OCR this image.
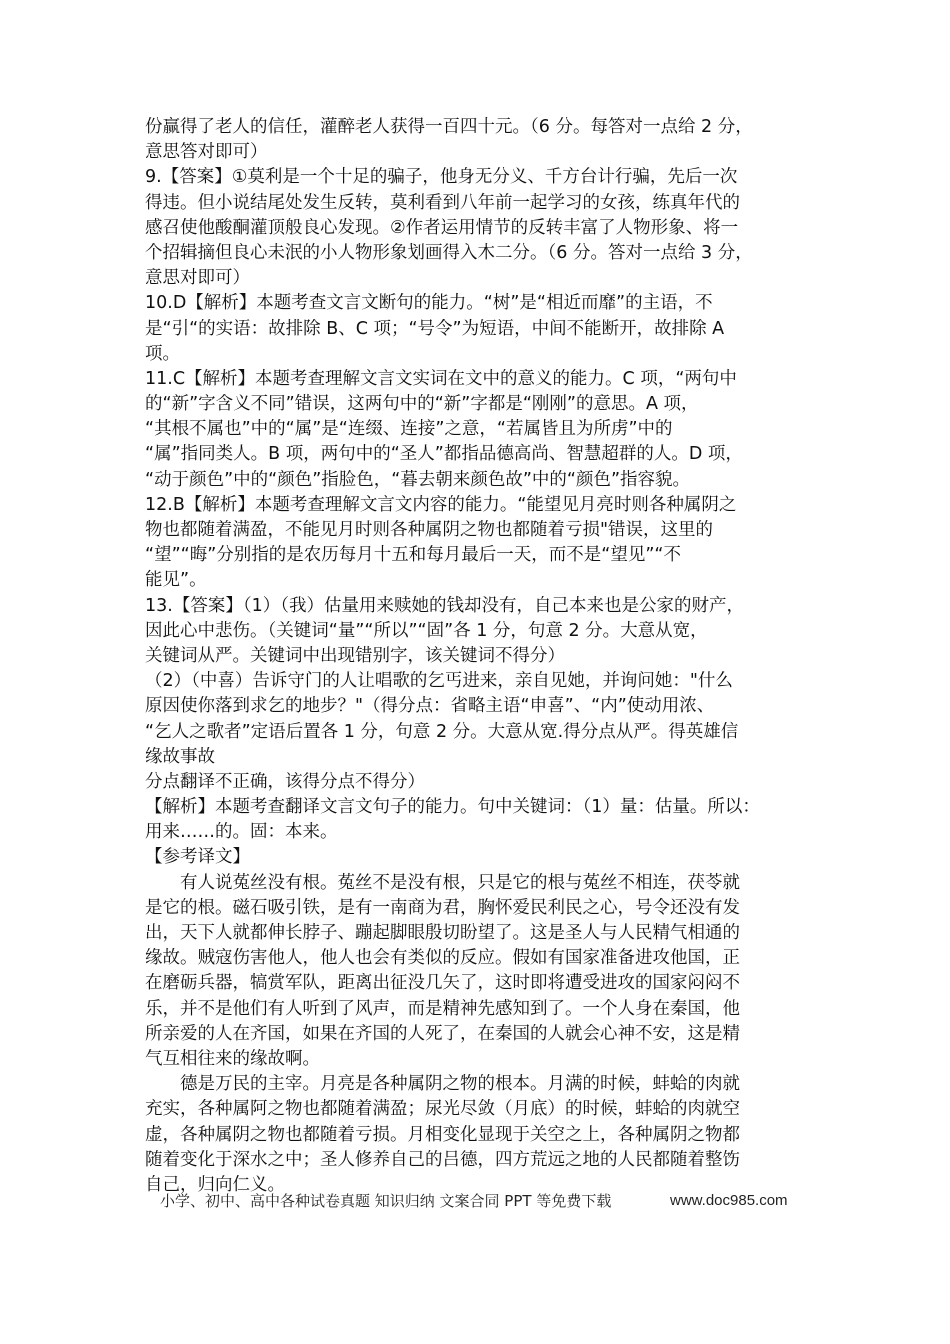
份赢得了老人的信任，灌醉老人获得一百四十元。（6 分。每答对一点给 2 分，
意思答对即可）
9.【答案】①莫利是一个十足的骗子，他身无分义、千方台计行骗，先后一次
得违。但小说结尾处发生反转，莫利看到八年前一起学习的女孩，练真年代的
感召使他酸酮灌顶般良心发现。②作者运用情节的反转丰富了人物形象、将一
个招辑摘但良心未泯的小人物形象划画得入木二分。（6 分。答对一点给 3 分，
意思对即可）
10.D【解析】本题考查文言文断句的能力。“树”是“相近而靡”的主语，不
是“引“的实语：故排除 B、C 项；“号令”为短语，中间不能断开，故排除 A
项。
11.C【解析】本题考查理解文言文实词在文中的意义的能力。C 项，“两句中
的“新”字含义不同”错误，这两句中的“新”字都是“刚刚”的意思。A 项，
“其根不属也”中的“属”是“连缀、连接”之意，“若属皆且为所虏”中的
“属”指同类人。B 项，两句中的“圣人”都指品德高尚、智慧超群的人。D 项，
“动于颜色”中的“颜色”指脸色，“暮去朝来颜色故”中的“颜色”指容貌。
12.B【解析】本题考查理解文言文内容的能力。“能望见月亮时则各种属阴之
物也都随着满盈，不能见月时则各种属阴之物也都随着亏损"错误，这里的
“望”“晦”分别指的是农历每月十五和每月最后一天，而不是“望见”“不
能见”。
13.【答案】（1）（我）估量用来赎她的钱却没有，自己本来也是公家的财产，
因此心中悲伤。（关键词“量”“所以”“固”各 1 分，句意 2 分。大意从宽，
关键词从严。关键词中出现错别字，该关键词不得分）
（2）（中喜）告诉守门的人让唱歌的乞丐进来，亲自见她，并询问她："什么
原因使你落到求乞的地步？"（得分点：省略主语“申喜”、“内”使动用浓、
“乞人之歌者”定语后置各 1 分，句意 2 分。大意从宽.得分点从严。得英雄信
缘故事故
分点翻译不正确，该得分点不得分）
【解析】本题考查翻译文言文句子的能力。句中关键词：（1）量：估量。所以：
用来……的。固：本来。
【参考译文】
有人说菟丝没有根。菟丝不是没有根，只是它的根与菟丝不相连，茯苓就
是它的根。磁石吸引铁，是有一南商为君，胸怀爱民利民之心，号令还没有发
出，天下人就都伸长脖子、蹦起脚眼殷切盼望了。这是圣人与人民精气相通的
缘故。贼寇伤害他人，他人也会有类似的反应。假如有国家准备进攻他国，正
在磨砺兵器，犒赏军队，距离出征没几矢了，这时即将遭受进攻的国家闷闷不
乐，并不是他们有人听到了风声，而是精神先感知到了。一个人身在秦国，他
所亲爱的人在齐国，如果在齐国的人死了，在秦国的人就会心神不安，这是精
气互相往来的缘故啊。
德是万民的主宰。月亮是各种属阴之物的根本。月满的时候，蚌蛤的肉就
充实，各种属阿之物也都随着满盈；尿光尽敛（月底）的时候，蚌蛤的肉就空
虚，各种属阴之物也都随着亏损。月相变化显现于关空之上，各种属阴之物都
随着变化于深水之中；圣人修养自己的吕德，四方荒远之地的人民都随着整饬
自己，归向仁义。
小学、初中、高中各种试卷真题 知识归纳 文案合同 PPT 等免费下载	www.doc985.com
